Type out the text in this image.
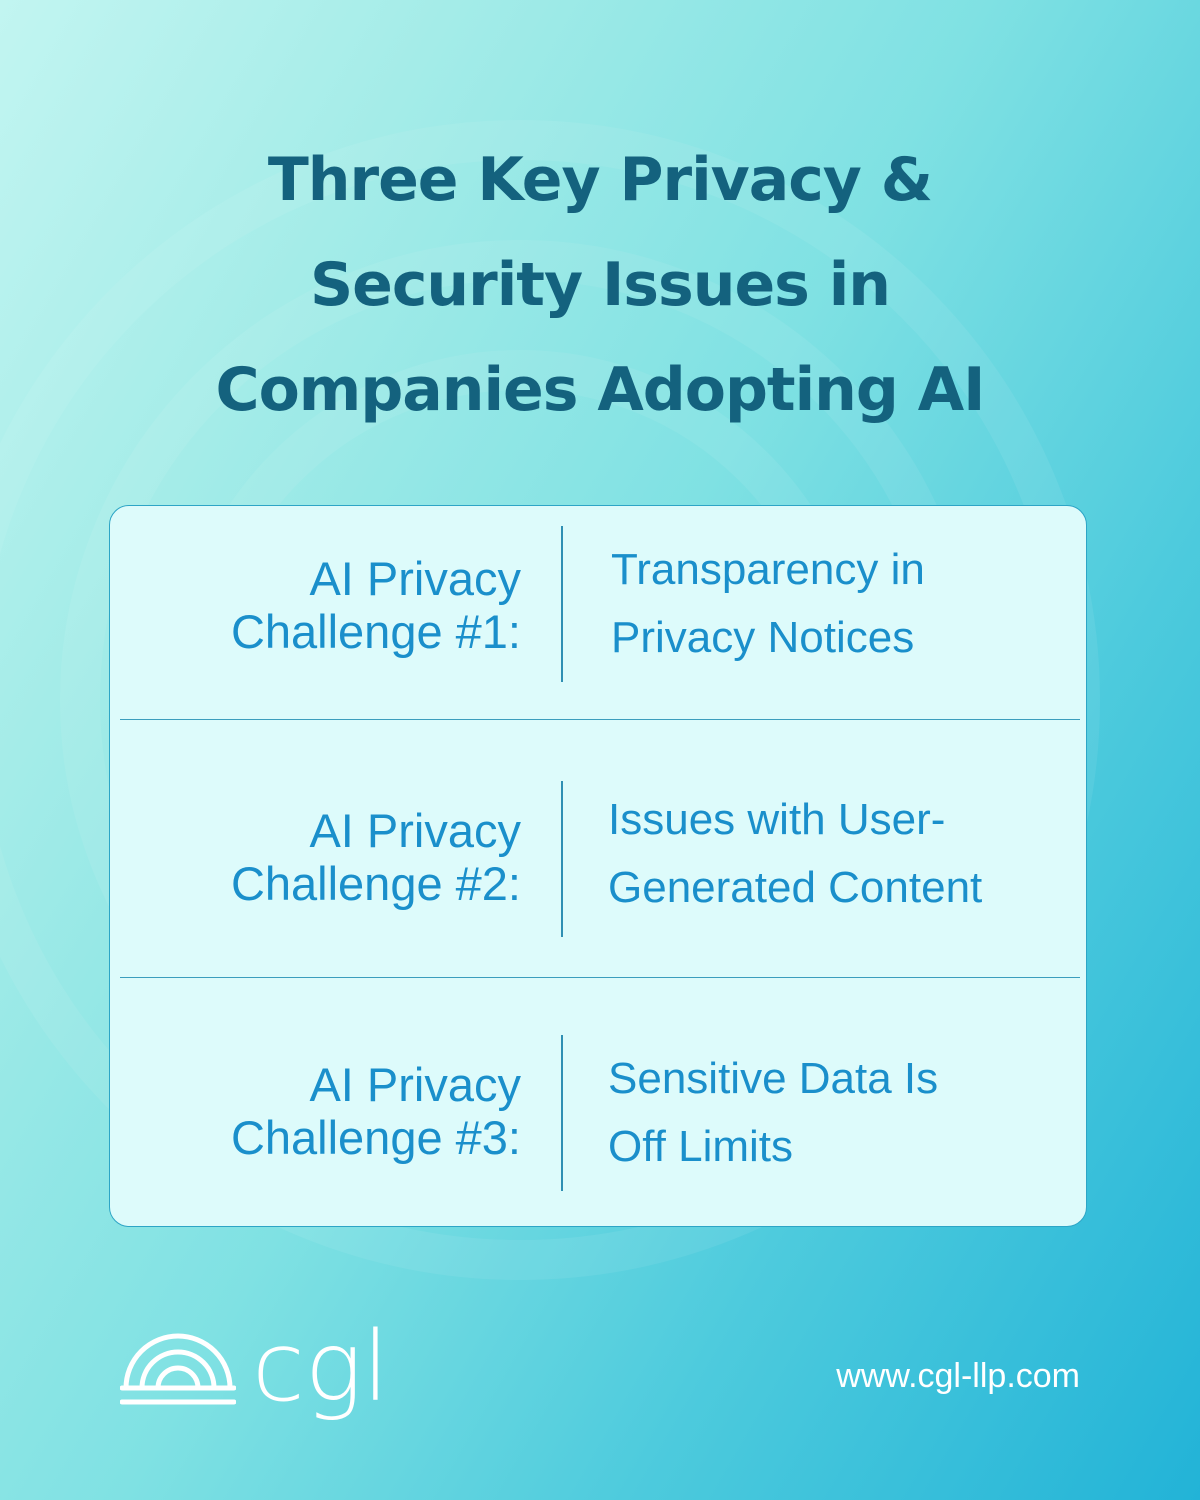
Three Key Privacy &
Security Issues in
Companies Adopting AI
AI Privacy
Challenge #1:
Transparency in
Privacy Notices
AI Privacy
Challenge #2:
Issues with User-
Generated Content
AI Privacy
Challenge #3:
Sensitive Data Is
Off Limits
cgl	www.cgl-llp.com
